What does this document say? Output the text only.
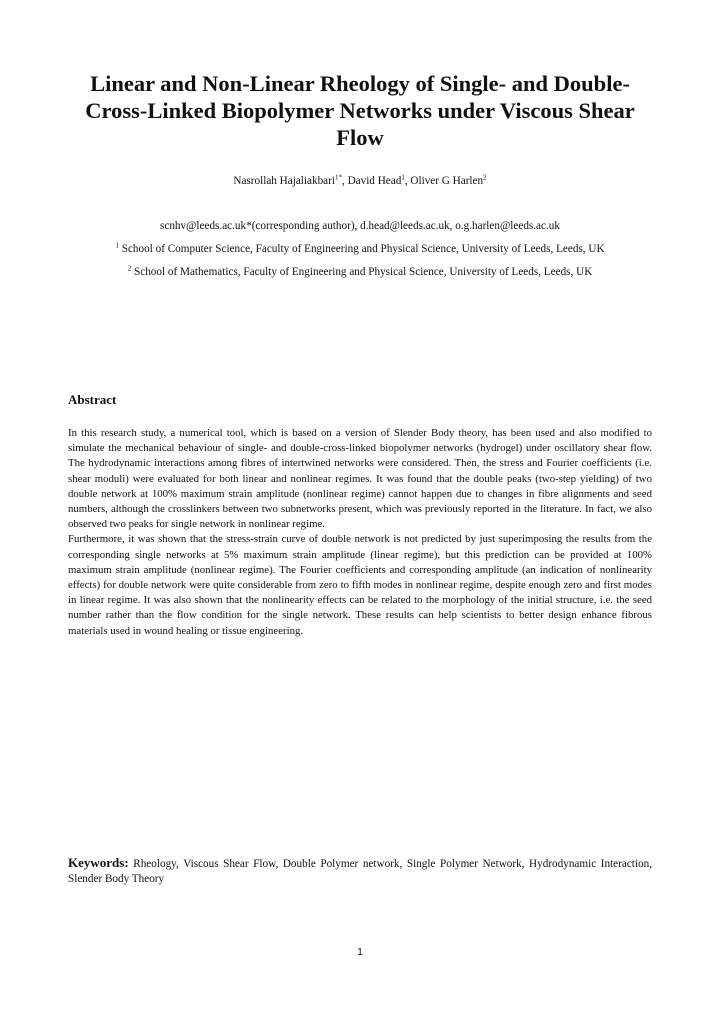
Linear and Non-Linear Rheology of Single- and Double-Cross-Linked Biopolymer Networks under Viscous Shear Flow
Nasrollah Hajaliakbari$^{1*}$, David Head$^1$, Oliver G Harlen$^2$
scnhv@leeds.ac.uk*(corresponding author), d.head@leeds.ac.uk, o.g.harlen@leeds.ac.uk
$^1$ School of Computer Science, Faculty of Engineering and Physical Science, University of Leeds, Leeds, UK
$^2$ School of Mathematics, Faculty of Engineering and Physical Science, University of Leeds, Leeds, UK
Abstract

In this research study, a numerical tool, which is based on a version of Slender Body theory, has been used and also modified to simulate the mechanical behaviour of single- and double-cross-linked biopolymer networks (hydrogel) under oscillatory shear flow. The hydrodynamic interactions among fibres of intertwined networks were considered. Then, the stress and Fourier coefficients (i.e. shear moduli) were evaluated for both linear and nonlinear regimes. It was found that the double peaks (two-step yielding) of two double network at 100% maximum strain amplitude (nonlinear regime) cannot happen due to changes in fibre alignments and seed numbers, although the crosslinkers between two subnetworks present, which was previously reported in the literature. In fact, we also observed two peaks for single network in nonlinear regime.

Furthermore, it was shown that the stress-strain curve of double network is not predicted by just superimposing the results from the corresponding single networks at 5% maximum strain amplitude (linear regime), but this prediction can be provided at 100% maximum strain amplitude (nonlinear regime). The Fourier coefficients and corresponding amplitude (an indication of nonlinearity effects) for double network were quite considerable from zero to fifth modes in nonlinear regime, despite enough zero and first modes in linear regime. It was also shown that the nonlinearity effects can be related to the morphology of the initial structure, i.e. the seed number rather than the flow condition for the single network. These results can help scientists to better design enhance fibrous materials used in wound healing or tissue engineering.

Keywords: Rheology, Viscous Shear Flow, Double Polymer network, Single Polymer Network, Hydrodynamic Interaction, Slender Body Theory
1
